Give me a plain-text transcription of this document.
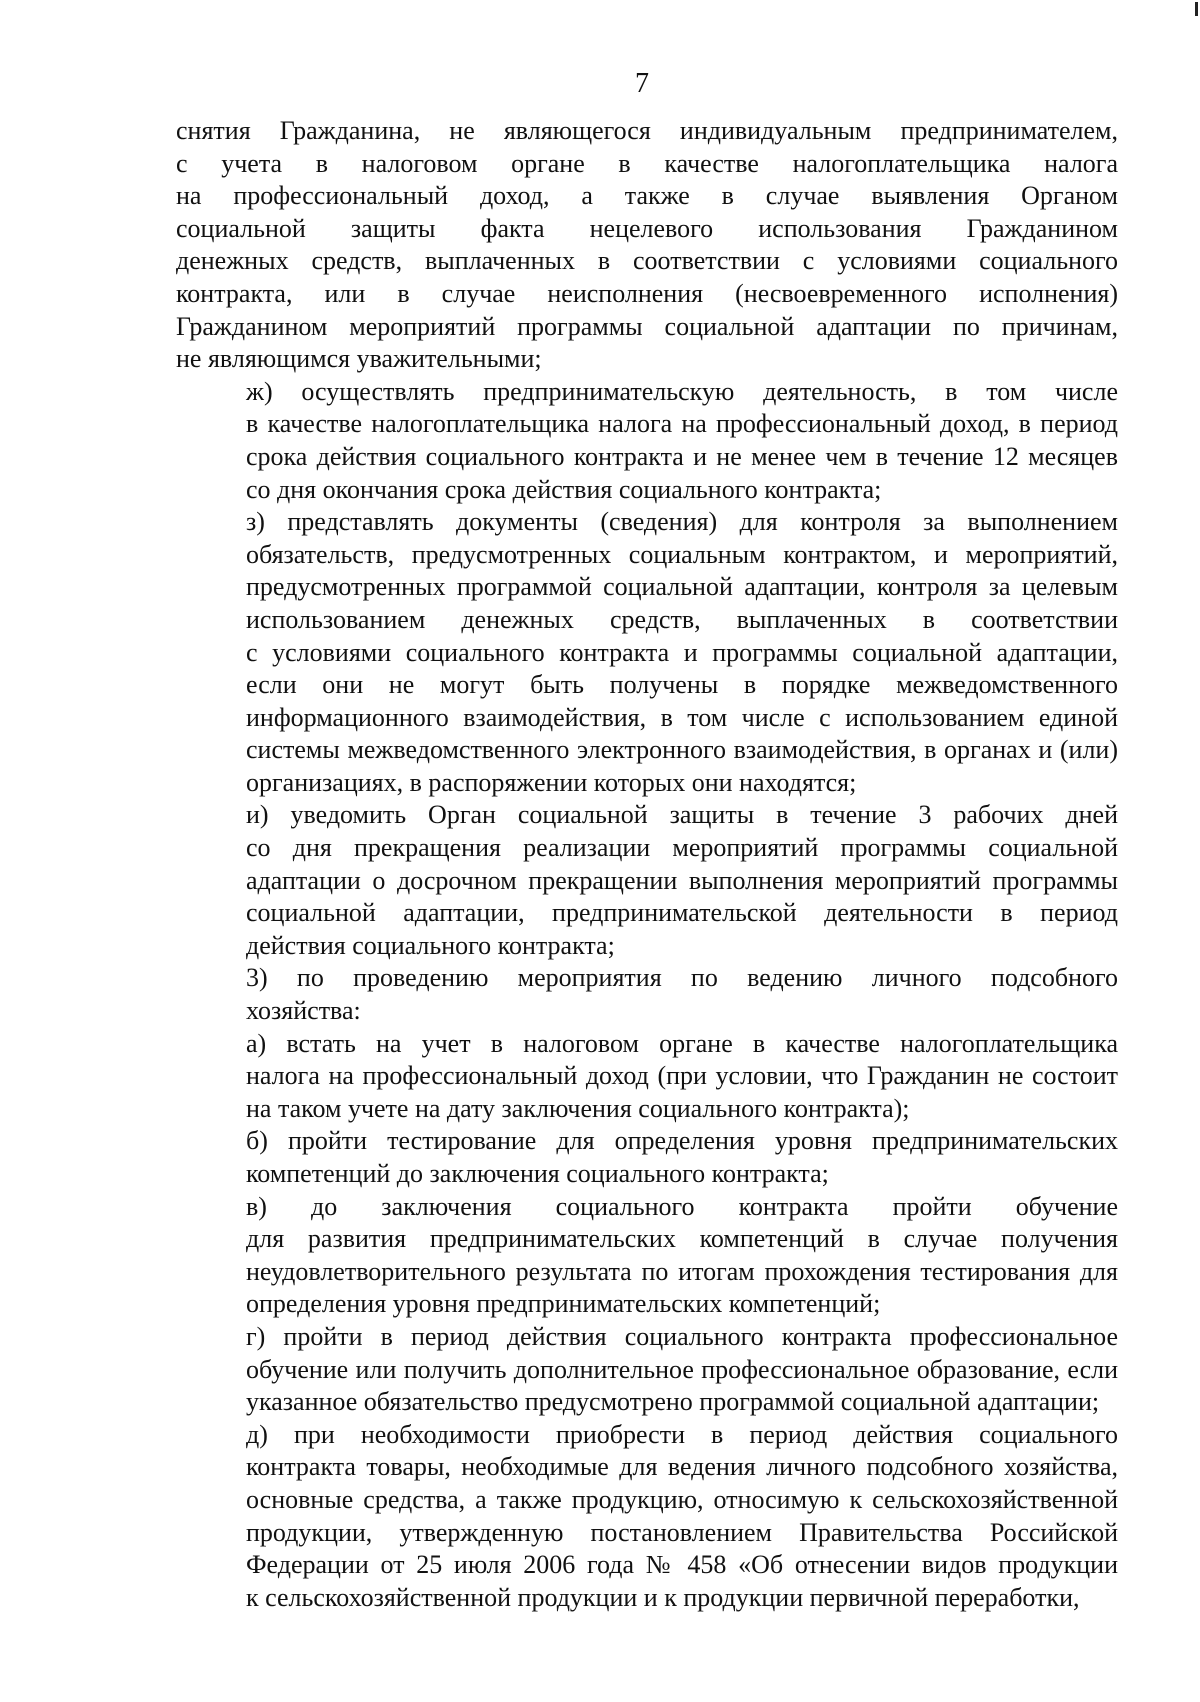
7
снятия Гражданина, не являющегося индивидуальным предпринимателем,
с учета в налоговом органе в качестве налогоплательщика налога
на профессиональный доход, а также в случае выявления Органом
социальной защиты факта нецелевого использования Гражданином
денежных средств, выплаченных в соответствии с условиями социального
контракта, или в случае неисполнения (несвоевременного исполнения)
Гражданином мероприятий программы социальной адаптации по причинам,
не являющимся уважительными;
ж) осуществлять предпринимательскую деятельность, в том числе
в качестве налогоплательщика налога на профессиональный доход, в период
срока действия социального контракта и не менее чем в течение 12 месяцев
со дня окончания срока действия социального контракта;
з) представлять документы (сведения) для контроля за выполнением
обязательств, предусмотренных социальным контрактом, и мероприятий,
предусмотренных программой социальной адаптации, контроля за целевым
использованием денежных средств, выплаченных в соответствии
с условиями социального контракта и программы социальной адаптации,
если они не могут быть получены в порядке межведомственного
информационного взаимодействия, в том числе с использованием единой
системы межведомственного электронного взаимодействия, в органах и (или)
организациях, в распоряжении которых они находятся;
и) уведомить Орган социальной защиты в течение 3 рабочих дней
со дня прекращения реализации мероприятий программы социальной
адаптации о досрочном прекращении выполнения мероприятий программы
социальной адаптации, предпринимательской деятельности в период
действия социального контракта;
3) по проведению мероприятия по ведению личного подсобного
хозяйства:
а) встать на учет в налоговом органе в качестве налогоплательщика
налога на профессиональный доход (при условии, что Гражданин не состоит
на таком учете на дату заключения социального контракта);
б) пройти тестирование для определения уровня предпринимательских
компетенций до заключения социального контракта;
в) до заключения социального контракта пройти обучение
для развития предпринимательских компетенций в случае получения
неудовлетворительного результата по итогам прохождения тестирования для
определения уровня предпринимательских компетенций;
г) пройти в период действия социального контракта профессиональное
обучение или получить дополнительное профессиональное образование, если
указанное обязательство предусмотрено программой социальной адаптации;
д) при необходимости приобрести в период действия социального
контракта товары, необходимые для ведения личного подсобного хозяйства,
основные средства, а также продукцию, относимую к сельскохозяйственной
продукции, утвержденную постановлением Правительства Российской
Федерации от 25 июля 2006 года № 458 «Об отнесении видов продукции
к сельскохозяйственной продукции и к продукции первичной переработки,
